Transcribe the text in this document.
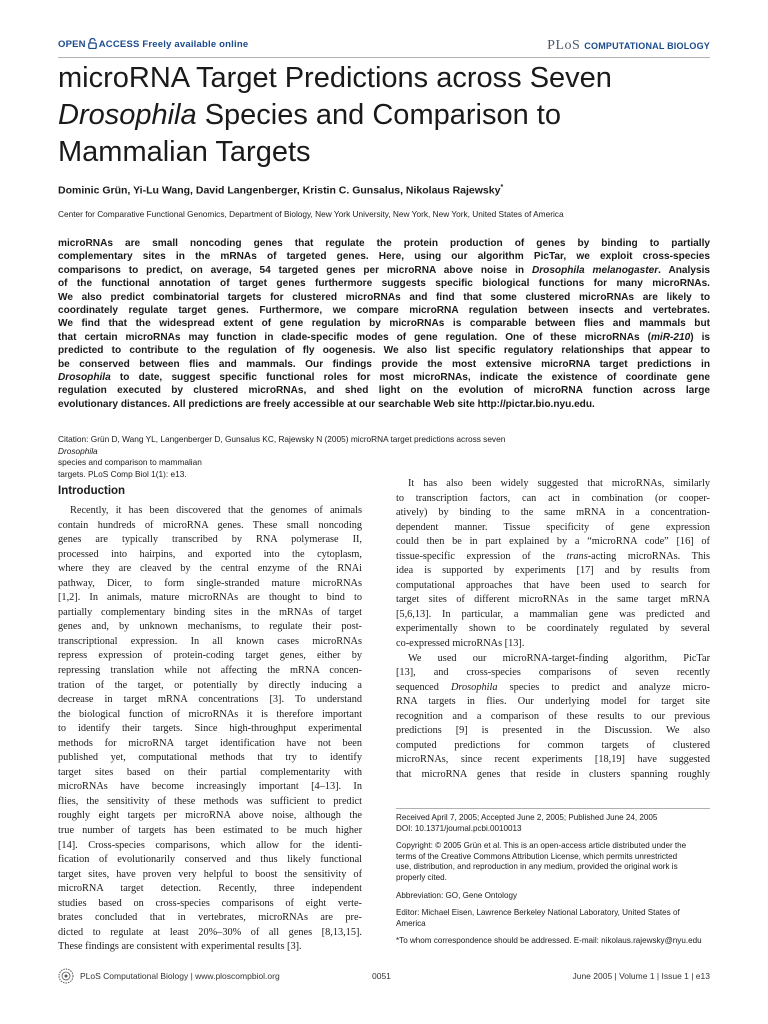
OPEN ACCESS Freely available online	PLoS COMPUTATIONAL BIOLOGY
microRNA Target Predictions across Seven
Drosophila Species and Comparison to
Mammalian Targets
Dominic Grün, Yi-Lu Wang, David Langenberger, Kristin C. Gunsalus, Nikolaus Rajewsky*
Center for Comparative Functional Genomics, Department of Biology, New York University, New York, New York, United States of America
microRNAs are small noncoding genes that regulate the protein production of genes by binding to partially
complementary sites in the mRNAs of targeted genes. Here, using our algorithm PicTar, we exploit cross-species
comparisons to predict, on average, 54 targeted genes per microRNA above noise in Drosophila melanogaster. Analysis
of the functional annotation of target genes furthermore suggests specific biological functions for many microRNAs.
We also predict combinatorial targets for clustered microRNAs and find that some clustered microRNAs are likely to
coordinately regulate target genes. Furthermore, we compare microRNA regulation between insects and vertebrates.
We find that the widespread extent of gene regulation by microRNAs is comparable between flies and mammals but
that certain microRNAs may function in clade-specific modes of gene regulation. One of these microRNAs (miR-210) is
predicted to contribute to the regulation of fly oogenesis. We also list specific regulatory relationships that appear to
be conserved between flies and mammals. Our findings provide the most extensive microRNA target predictions in
Drosophila to date, suggest specific functional roles for most microRNAs, indicate the existence of coordinate gene
regulation executed by clustered microRNAs, and shed light on the evolution of microRNA function across large
evolutionary distances. All predictions are freely accessible at our searchable Web site http://pictar.bio.nyu.edu.
Citation: Grün D, Wang YL, Langenberger D, Gunsalus KC, Rajewsky N (2005) microRNA target predictions across seven
Drosophila
species and comparison to mammalian
targets. PLoS Comp Biol 1(1): e13.
Introduction
Recently, it has been discovered that the genomes of animals
contain hundreds of microRNA genes. These small noncoding
genes are typically transcribed by RNA polymerase II,
processed into hairpins, and exported into the cytoplasm,
where they are cleaved by the central enzyme of the RNAi
pathway, Dicer, to form single-stranded mature microRNAs
[1,2]. In animals, mature microRNAs are thought to bind to
partially complementary binding sites in the mRNAs of target
genes and, by unknown mechanisms, to regulate their post-
transcriptional expression. In all known cases microRNAs
repress expression of protein-coding target genes, either by
repressing translation while not affecting the mRNA concen-
tration of the target, or potentially by directly inducing a
decrease in target mRNA concentrations [3]. To understand
the biological function of microRNAs it is therefore important
to identify their targets. Since high-throughput experimental
methods for microRNA target identification have not been
published yet, computational methods that try to identify
target sites based on their partial complementarity with
microRNAs have become increasingly important [4–13]. In
flies, the sensitivity of these methods was sufficient to predict
roughly eight targets per microRNA above noise, although the
true number of targets has been estimated to be much higher
[14]. Cross-species comparisons, which allow for the identi-
fication of evolutionarily conserved and thus likely functional
target sites, have proven very helpful to boost the sensitivity of
microRNA target detection. Recently, three independent
studies based on cross-species comparisons of eight verte-
brates concluded that in vertebrates, microRNAs are pre-
dicted to regulate at least 20%–30% of all genes [8,13,15].
These findings are consistent with experimental results [3].
It has also been widely suggested that microRNAs, similarly
to transcription factors, can act in combination (or cooper-
atively) by binding to the same mRNA in a concentration-
dependent manner. Tissue specificity of gene expression
could then be in part explained by a “microRNA code” [16] of
tissue-specific expression of the trans-acting microRNAs. This
idea is supported by experiments [17] and by results from
computational approaches that have been used to search for
target sites of different microRNAs in the same target mRNA
[5,6,13]. In particular, a mammalian gene was predicted and
experimentally shown to be coordinately regulated by several
co-expressed microRNAs [13].
We used our microRNA-target-finding algorithm, PicTar
[13], and cross-species comparisons of seven recently
sequenced Drosophila species to predict and analyze micro-
RNA targets in flies. Our underlying model for target site
recognition and a comparison of these results to our previous
predictions [9] is presented in the Discussion. We also
computed predictions for common targets of clustered
microRNAs, since recent experiments [18,19] have suggested
that microRNA genes that reside in clusters spanning roughly
Received April 7, 2005; Accepted June 2, 2005; Published June 24, 2005
DOI: 10.1371/journal.pcbi.0010013
Copyright: © 2005 Grün et al. This is an open-access article distributed under the
terms of the Creative Commons Attribution License, which permits unrestricted
use, distribution, and reproduction in any medium, provided the original work is
properly cited.
Abbreviation: GO, Gene Ontology
Editor: Michael Eisen, Lawrence Berkeley National Laboratory, United States of
America
*To whom correspondence should be addressed. E-mail: nikolaus.rajewsky@nyu.edu
PLoS Computational Biology | www.ploscompbiol.org	0051	June 2005 | Volume 1 | Issue 1 | e13
